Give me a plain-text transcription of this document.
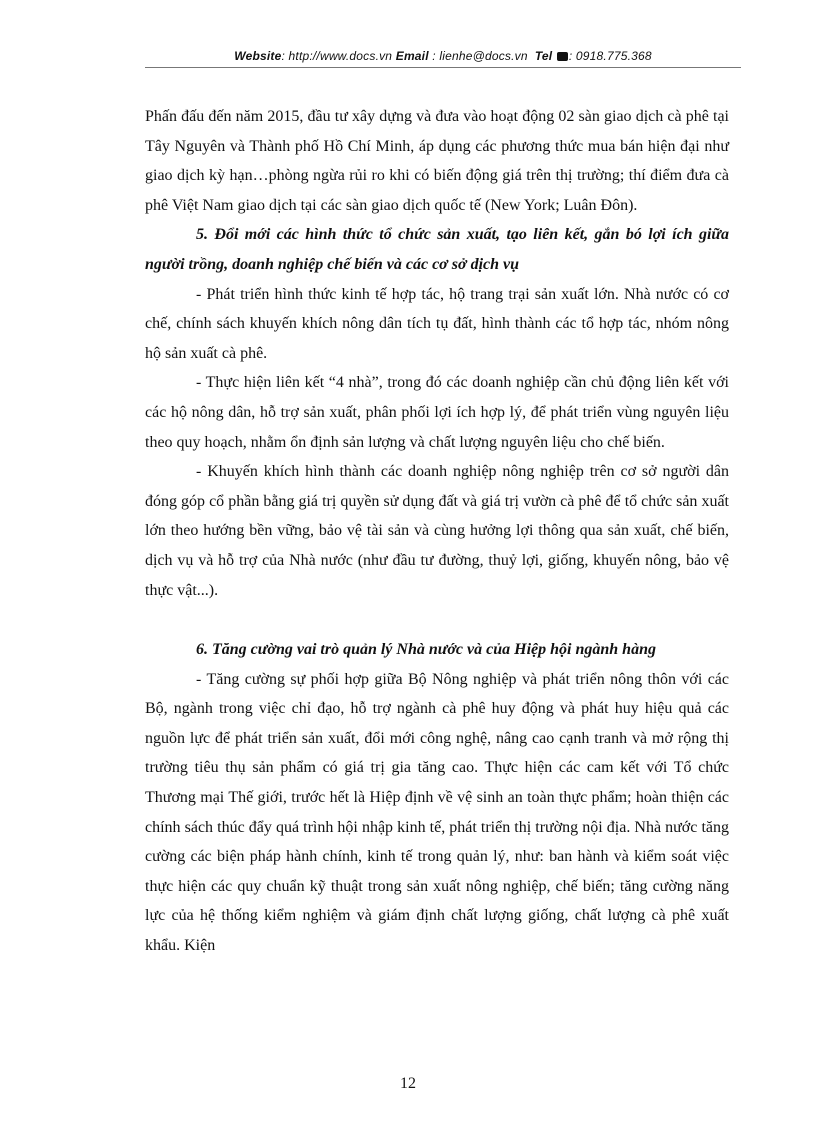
Website: http://www.docs.vn Email : lienhe@docs.vn Tel : 0918.775.368

Phấn đấu đến năm 2015, đầu tư xây dựng và đưa vào hoạt động 02 sàn giao dịch cà phê tại Tây Nguyên và Thành phố Hồ Chí Minh, áp dụng các phương thức mua bán hiện đại như giao dịch kỳ hạn…phòng ngừa rủi ro khi có biến động giá trên thị trường; thí điểm đưa cà phê Việt Nam giao dịch tại các sàn giao dịch quốc tế (New York; Luân Đôn).

5. Đổi mới các hình thức tổ chức sản xuất, tạo liên kết, gắn bó lợi ích giữa người trồng, doanh nghiệp chế biến và các cơ sở dịch vụ

- Phát triển hình thức kinh tế hợp tác, hộ trang trại sản xuất lớn. Nhà nước có cơ chế, chính sách khuyến khích nông dân tích tụ đất, hình thành các tổ hợp tác, nhóm nông hộ sản xuất cà phê.

- Thực hiện liên kết “4 nhà”, trong đó các doanh nghiệp cần chủ động liên kết với các hộ nông dân, hỗ trợ sản xuất, phân phối lợi ích hợp lý, để phát triển vùng nguyên liệu theo quy hoạch, nhằm ổn định sản lượng và chất lượng nguyên liệu cho chế biến.

- Khuyến khích hình thành các doanh nghiệp nông nghiệp trên cơ sở người dân đóng góp cổ phần bằng giá trị quyền sử dụng đất và giá trị vườn cà phê để tổ chức sản xuất lớn theo hướng bền vững, bảo vệ tài sản và cùng hưởng lợi thông qua sản xuất, chế biến, dịch vụ và hỗ trợ của Nhà nước (như đầu tư đường, thuỷ lợi, giống, khuyến nông, bảo vệ thực vật...).

6. Tăng cường vai trò quản lý Nhà nước và của Hiệp hội ngành hàng

- Tăng cường sự phối hợp giữa Bộ Nông nghiệp và phát triển nông thôn với các Bộ, ngành trong việc chỉ đạo, hỗ trợ ngành cà phê huy động và phát huy hiệu quả các nguồn lực để phát triển sản xuất, đổi mới công nghệ, nâng cao cạnh tranh và mở rộng thị trường tiêu thụ sản phẩm có giá trị gia tăng cao. Thực hiện các cam kết với Tổ chức Thương mại Thế giới, trước hết là Hiệp định về vệ sinh an toàn thực phẩm; hoàn thiện các chính sách thúc đẩy quá trình hội nhập kinh tế, phát triển thị trường nội địa. Nhà nước tăng cường các biện pháp hành chính, kinh tế trong quản lý, như: ban hành và kiểm soát việc thực hiện các quy chuẩn kỹ thuật trong sản xuất nông nghiệp, chế biến; tăng cường năng lực của hệ thống kiểm nghiệm và giám định chất lượng giống, chất lượng cà phê xuất khẩu. Kiện

12
